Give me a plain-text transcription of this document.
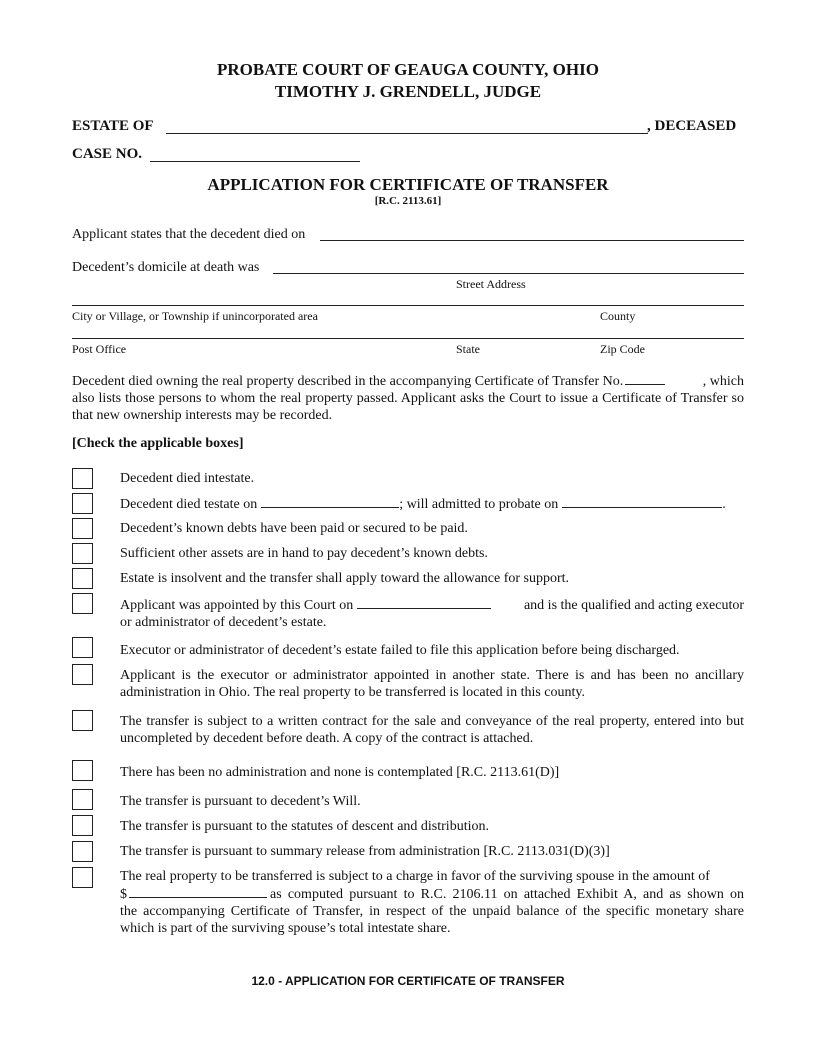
PROBATE COURT OF GEAUGA COUNTY, OHIO
TIMOTHY J. GRENDELL, JUDGE
ESTATE OF	, DECEASED
CASE NO.
APPLICATION FOR CERTIFICATE OF TRANSFER
[R.C. 2113.61]
Applicant states that the decedent died on
Decedent’s domicile at death was
Street Address
City or Village, or Township if unincorporated area	County
Post Office	State	Zip Code
Decedent died owning the real property described in the accompanying Certificate of Transfer No.	, which
also lists those persons to whom the real property passed. Applicant asks the Court to issue a Certificate of Transfer so that new ownership interests may be recorded.
[Check the applicable boxes]
Decedent died intestate.
Decedent died testate on	; will admitted to probate on	.
Decedent’s known debts have been paid or secured to be paid.
Sufficient other assets are in hand to pay decedent’s known debts.
Estate is insolvent and the transfer shall apply toward the allowance for support.
Applicant was appointed by this Court on	and is the qualified and acting executor
or administrator of decedent’s estate.
Executor or administrator of decedent’s estate failed to file this application before being discharged.
Applicant is the executor or administrator appointed in another state. There is and has been no ancillary administration in Ohio. The real property to be transferred is located in this county.
The transfer is subject to a written contract for the sale and conveyance of the real property, entered into but uncompleted by decedent before death. A copy of the contract is attached.
There has been no administration and none is contemplated [R.C. 2113.61(D)]
The transfer is pursuant to decedent’s Will.
The transfer is pursuant to the statutes of descent and distribution.
The transfer is pursuant to summary release from administration [R.C. 2113.031(D)(3)]
The real property to be transferred is subject to a charge in favor of the surviving spouse in the amount of
$	as computed pursuant to R.C. 2106.11 on attached Exhibit A, and as shown on
the accompanying Certificate of Transfer, in respect of the unpaid balance of the specific monetary share which is part of the surviving spouse’s total intestate share.
12.0 - APPLICATION FOR CERTIFICATE OF TRANSFER
